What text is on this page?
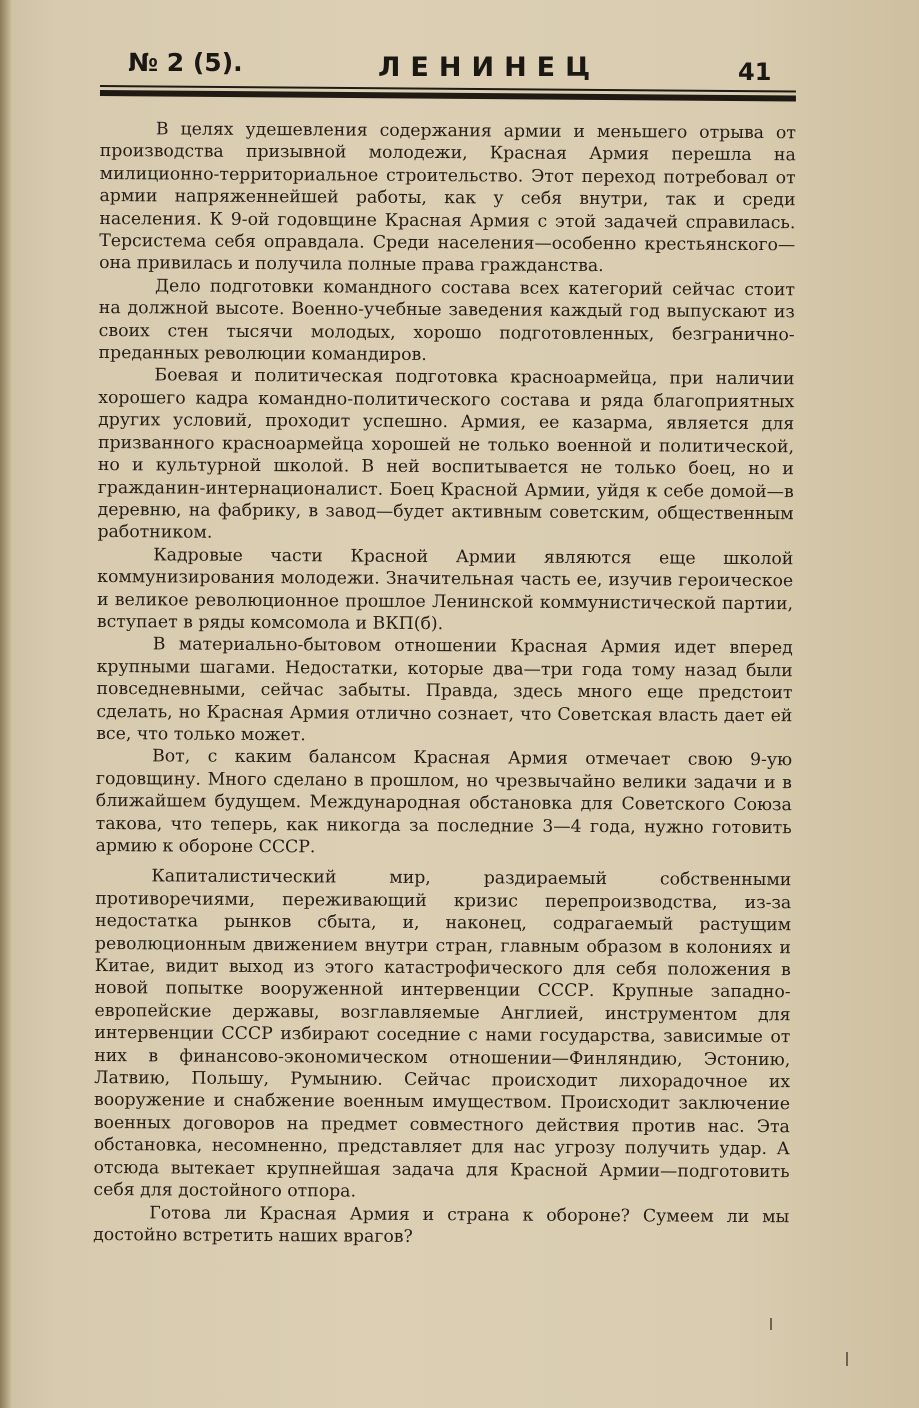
№ 2 (5).	ЛЕНИНЕЦ	41

В целях удешевления содержания армии и меньшего отрыва от производства призывной молодежи, Красная Армия перешла на милиционно-территориальное строительство. Этот переход потребовал от армии напряженнейшей работы, как у себя внутри, так и среди населения. К 9-ой годовщине Красная Армия с этой задачей справилась. Терсистема себя оправдала. Среди населения—особенно крестьянского—она привилась и получила полные права гражданства.

Дело подготовки командного состава всех категорий сейчас стоит на должной высоте. Военно-учебные заведения каждый год выпускают из своих стен тысячи молодых, хорошо подготовленных, безгранично-преданных революции командиров.

Боевая и политическая подготовка красноармейца, при наличии хорошего кадра командно-политического состава и ряда благоприятных других условий, проходит успешно. Армия, ее казарма, является для призванного красноармейца хорошей не только военной и политической, но и культурной школой. В ней воспитывается не только боец, но и гражданин-интернационалист. Боец Красной Армии, уйдя к себе домой—в деревню, на фабрику, в завод—будет активным советским, общественным работником.

Кадровые части Красной Армии являются еще школой коммунизирования молодежи. Значительная часть ее, изучив героическое и великое революционное прошлое Ленинской коммунистической партии, вступает в ряды комсомола и ВКП(б).

В материально-бытовом отношении Красная Армия идет вперед крупными шагами. Недостатки, которые два—три года тому назад были повседневными, сейчас забыты. Правда, здесь много еще предстоит сделать, но Красная Армия отлично сознает, что Советская власть дает ей все, что только может.

Вот, с каким балансом Красная Армия отмечает свою 9-ую годовщину. Много сделано в прошлом, но чрезвычайно велики задачи и в ближайшем будущем. Международная обстановка для Советского Союза такова, что теперь, как никогда за последние 3—4 года, нужно готовить армию к обороне СССР.

Капиталистический мир, раздираемый собственными противоречиями, переживающий кризис перепроизводства, из-за недостатка рынков сбыта, и, наконец, содрагаемый растущим революционным движением внутри стран, главным образом в колониях и Китае, видит выход из этого катастрофического для себя положения в новой попытке вооруженной интервенции СССР. Крупные западно-европейские державы, возглавляемые Англией, инструментом для интервенции СССР избирают соседние с нами государства, зависимые от них в финансово-экономическом отношении—Финляндию, Эстонию, Латвию, Польшу, Румынию. Сейчас происходит лихорадочное их вооружение и снабжение военным имуществом. Происходит заключение военных договоров на предмет совместного действия против нас. Эта обстановка, несомненно, представляет для нас угрозу получить удар. А отсюда вытекает крупнейшая задача для Красной Армии—подготовить себя для достойного отпора.

Готова ли Красная Армия и страна к обороне? Сумеем ли мы достойно встретить наших врагов?
